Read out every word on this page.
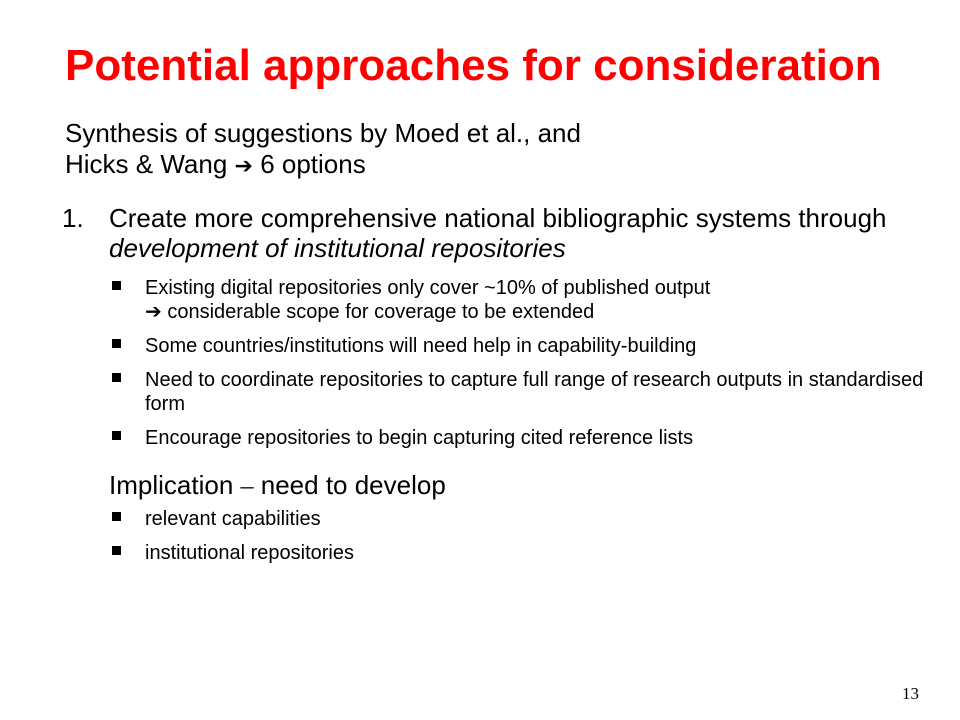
Potential approaches for consideration
Synthesis of suggestions by Moed et al., and
Hicks & Wang ➔ 6 options
1. Create more comprehensive national bibliographic systems through development of institutional repositories
Existing digital repositories only cover ~10% of published output
➔ considerable scope for coverage to be extended
Some countries/institutions will need help in capability-building
Need to coordinate repositories to capture full range of research outputs in standardised form
Encourage repositories to begin capturing cited reference lists
Implication – need to develop
relevant capabilities
institutional repositories
13
